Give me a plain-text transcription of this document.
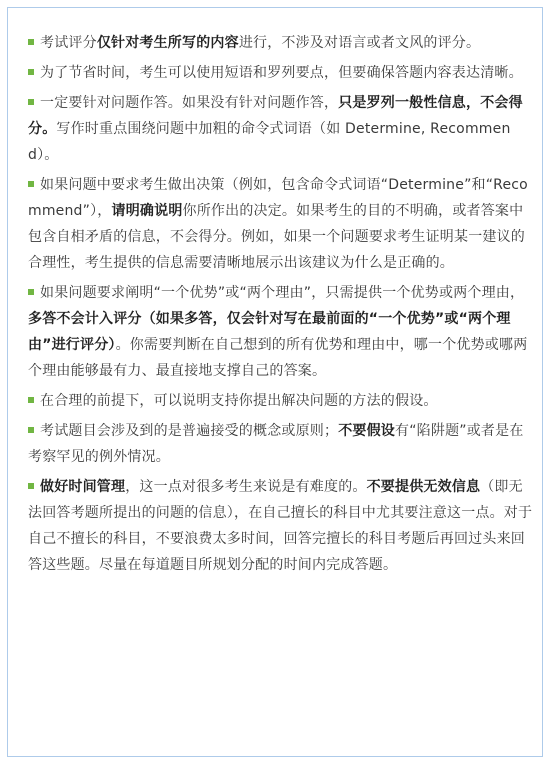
考试评分仅针对考生所写的内容进行，不涉及对语言或者文风的评分。

为了节省时间，考生可以使用短语和罗列要点，但要确保答题内容表达清晰。

一定要针对问题作答。如果没有针对问题作答，只是罗列一般性信息，不会得分。写作时重点围绕问题中加粗的命令式词语（如 Determine, Recommend）。

如果问题中要求考生做出决策（例如，包含命令式词语“Determine”和“Recommend”），请明确说明你所作出的决定。如果考生的目的不明确，或者答案中包含自相矛盾的信息，不会得分。例如，如果一个问题要求考生证明某一建议的合理性，考生提供的信息需要清晰地展示出该建议为什么是正确的。

如果问题要求阐明“一个优势”或“两个理由”，只需提供一个优势或两个理由，多答不会计入评分（如果多答，仅会针对写在最前面的“一个优势”或“两个理由”进行评分）。你需要判断在自己想到的所有优势和理由中，哪一个优势或哪两个理由能够最有力、最直接地支撑自己的答案。

在合理的前提下，可以说明支持你提出解决问题的方法的假设。

考试题目会涉及到的是普遍接受的概念或原则；不要假设有“陷阱题”或者是在考察罕见的例外情况。

做好时间管理，这一点对很多考生来说是有难度的。不要提供无效信息（即无法回答考题所提出的问题的信息），在自己擅长的科目中尤其要注意这一点。对于自己不擅长的科目，不要浪费太多时间，回答完擅长的科目考题后再回过头来回答这些题。尽量在每道题目所规划分配的时间内完成答题。
